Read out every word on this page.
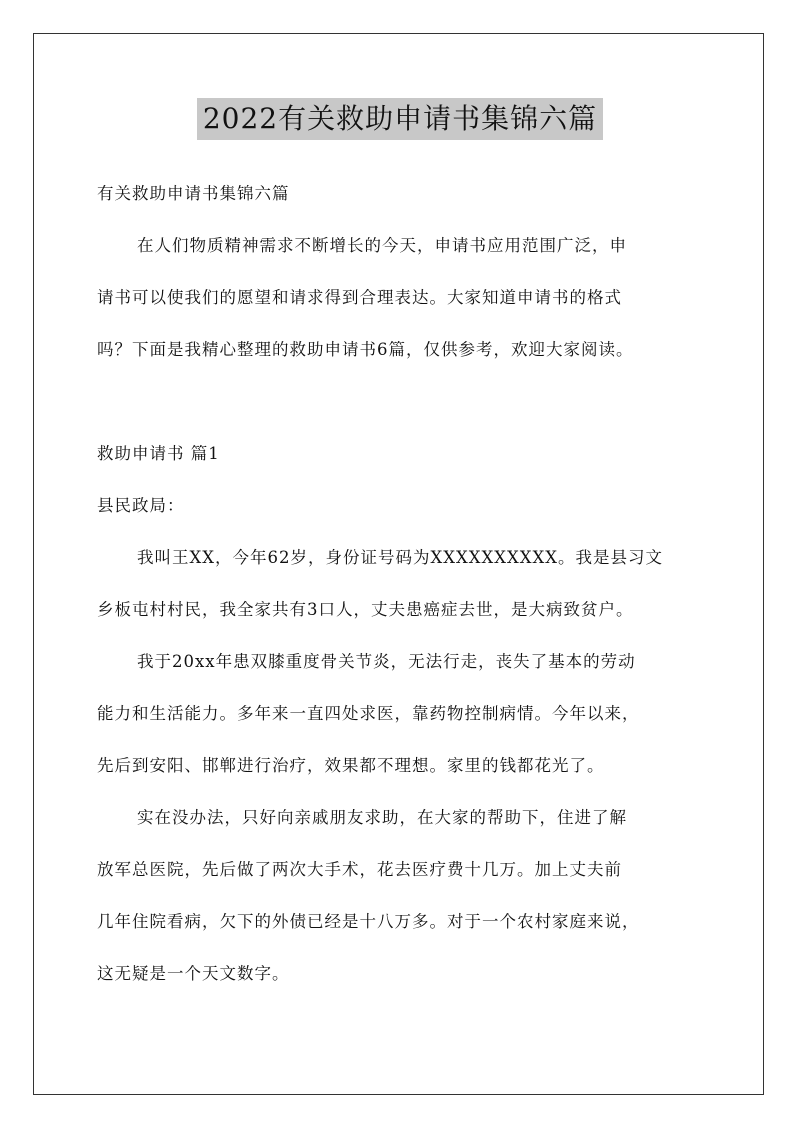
2022有关救助申请书集锦六篇
有关救助申请书集锦六篇
在人们物质精神需求不断增长的今天，申请书应用范围广泛，申
请书可以使我们的愿望和请求得到合理表达。大家知道申请书的格式
吗？下面是我精心整理的救助申请书6篇，仅供参考，欢迎大家阅读。
救助申请书 篇1
县民政局：
我叫王XX，今年62岁，身份证号码为XXXXXXXXXX。我是县习文
乡板屯村村民，我全家共有3口人，丈夫患癌症去世，是大病致贫户。
我于20xx年患双膝重度骨关节炎，无法行走，丧失了基本的劳动
能力和生活能力。多年来一直四处求医，靠药物控制病情。今年以来，
先后到安阳、邯郸进行治疗，效果都不理想。家里的钱都花光了。
实在没办法，只好向亲戚朋友求助，在大家的帮助下，住进了解
放军总医院，先后做了两次大手术，花去医疗费十几万。加上丈夫前
几年住院看病，欠下的外债已经是十八万多。对于一个农村家庭来说，
这无疑是一个天文数字。
